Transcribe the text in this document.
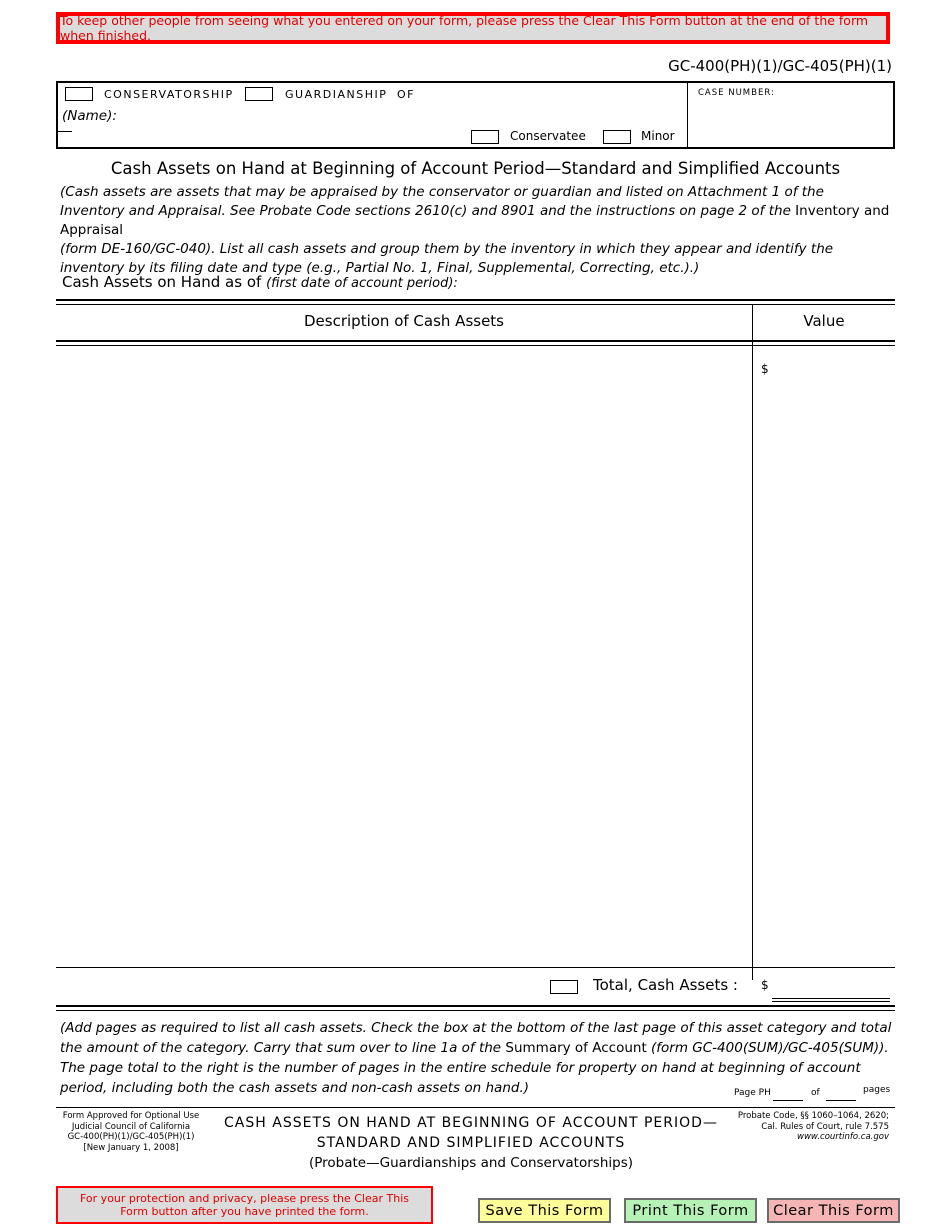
To keep other people from seeing what you entered on your form, please press the Clear This Form button at the end of the form when finished.
GC-400(PH)(1)/GC-405(PH)(1)
CONSERVATORSHIP	GUARDIANSHIP OF
(Name):
Conservatee	Minor
CASE NUMBER:
Cash Assets on Hand at Beginning of Account Period—Standard and Simplified Accounts
(Cash assets are assets that may be appraised by the conservator or guardian and listed on Attachment 1 of the Inventory and Appraisal. See Probate Code sections 2610(c) and 8901 and the instructions on page 2 of the Inventory and Appraisal
(form DE-160/GC-040). List all cash assets and group them by the inventory in which they appear and identify the inventory by its filing date and type (e.g., Partial No. 1, Final, Supplemental, Correcting, etc.).)
Cash Assets on Hand as of (first date of account period):
Description of Cash Assets	Value
$
Total, Cash Assets : $
(Add pages as required to list all cash assets. Check the box at the bottom of the last page of this asset category and total the amount of the category. Carry that sum over to line 1a of the Summary of Account (form GC-400(SUM)/GC-405(SUM)). The page total to the right is the number of pages in the entire schedule for property on hand at beginning of account period, including both the cash assets and non-cash assets on hand.)	Page PH	of	pages
Form Approved for Optional Use
Judicial Council of California
GC-400(PH)(1)/GC-405(PH)(1)
[New January 1, 2008]
CASH ASSETS ON HAND AT BEGINNING OF ACCOUNT PERIOD—
STANDARD AND SIMPLIFIED ACCOUNTS
(Probate—Guardianships and Conservatorships)
Probate Code, §§ 1060–1064, 2620;
Cal. Rules of Court, rule 7.575
www.courtinfo.ca.gov
For your protection and privacy, please press the Clear This Form button after you have printed the form.	Save This Form	Print This Form	Clear This Form
